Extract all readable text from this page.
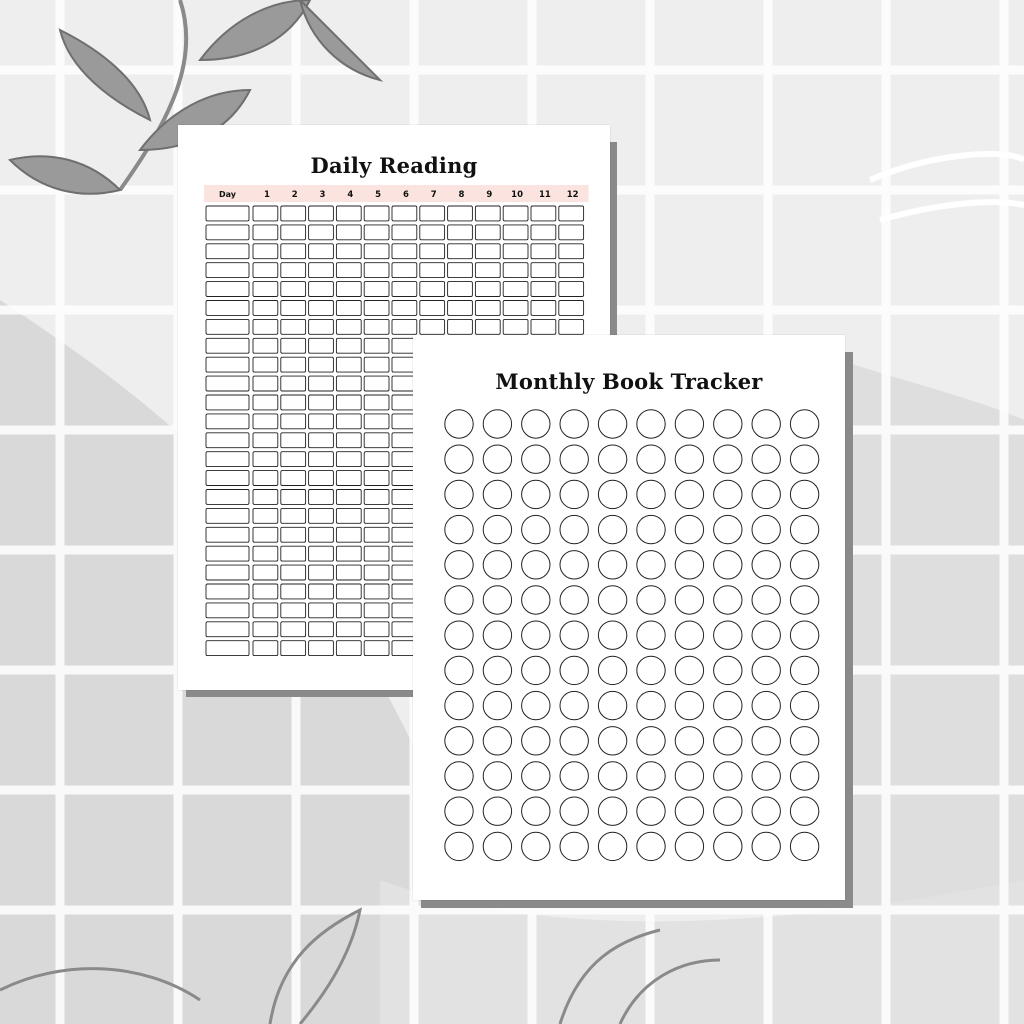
Daily Reading
Day	1	2	3	4	5	6	7	8	9 10 11 12
Monthly Book Tracker
